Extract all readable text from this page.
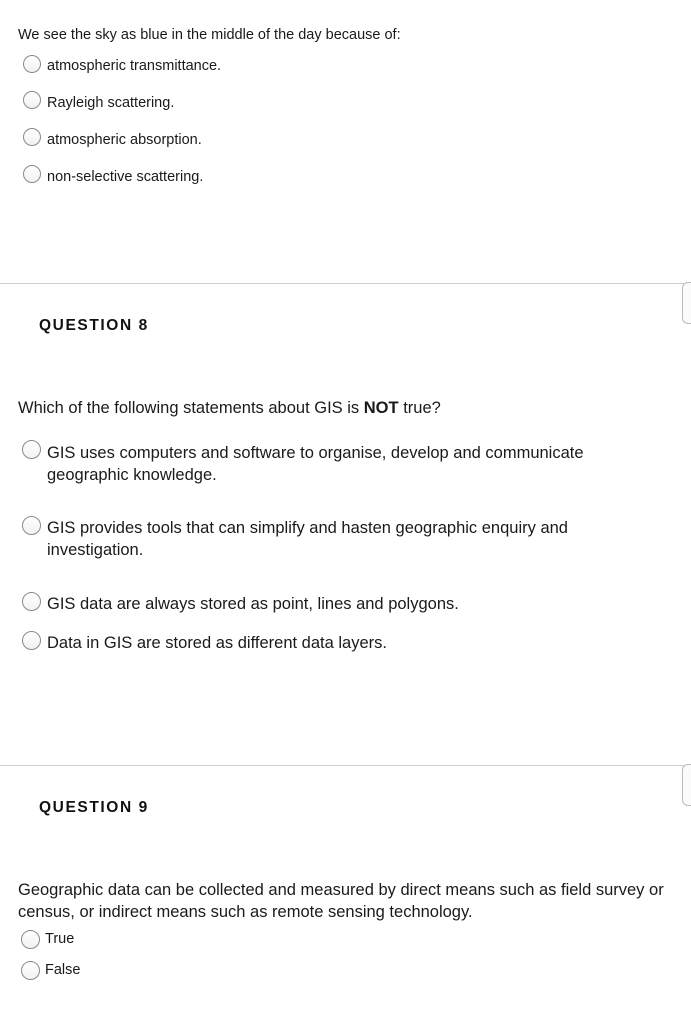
We see the sky as blue in the middle of the day because of:
atmospheric transmittance.
Rayleigh scattering.
atmospheric absorption.
non-selective scattering.
QUESTION 8
Which of the following statements about GIS is NOT true?
GIS uses computers and software to organise, develop and communicate geographic knowledge.
GIS provides tools that can simplify and hasten geographic enquiry and investigation.
GIS data are always stored as point, lines and polygons.
Data in GIS are stored as different data layers.
QUESTION 9
Geographic data can be collected and measured by direct means such as field survey or census, or indirect means such as remote sensing technology.
True
False
